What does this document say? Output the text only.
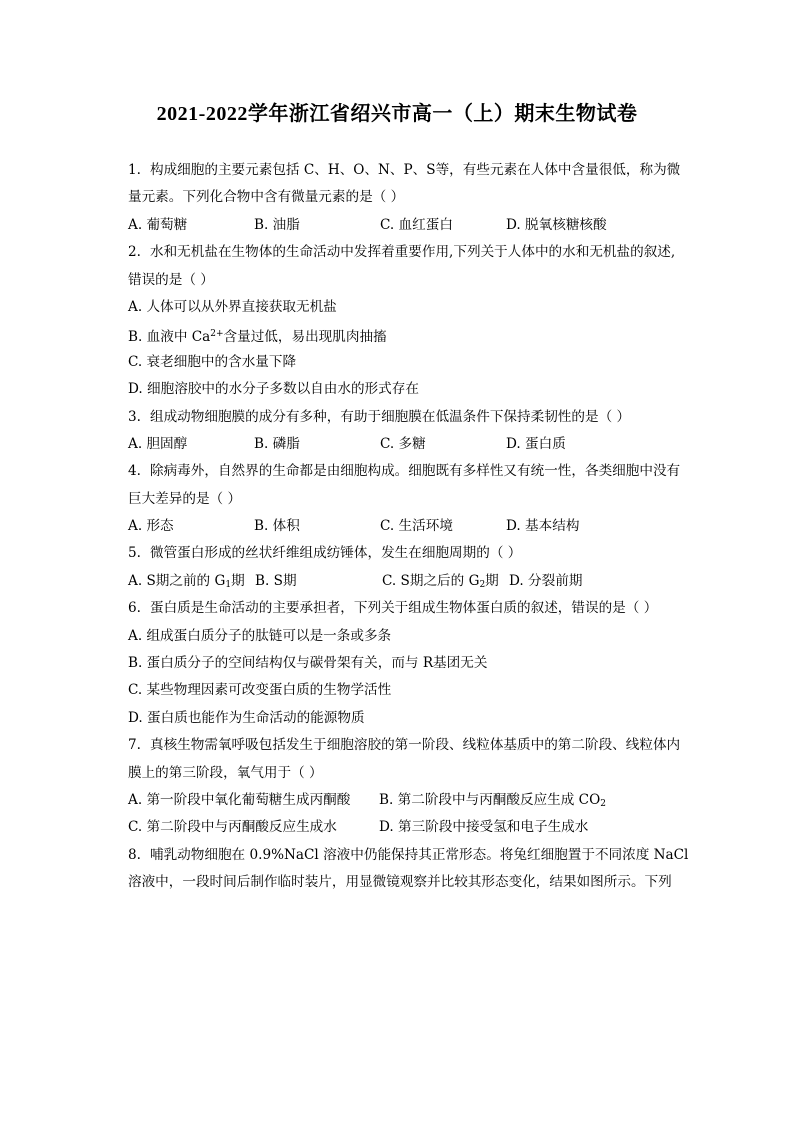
2021-2022学年浙江省绍兴市高一（上）期末生物试卷
1. 构成细胞的主要元素包括 C、H、O、N、P、S等，有些元素在人体中含量很低，称为微
量元素。下列化合物中含有微量元素的是（ ）
A. 葡萄糖	B. 油脂	C. 血红蛋白	D. 脱氧核糖核酸
2. 水和无机盐在生物体的生命活动中发挥着重要作用,下列关于人体中的水和无机盐的叙述,
错误的是（ ）
A. 人体可以从外界直接获取无机盐
B. 血液中 $Ca^{2+}$含量过低，易出现肌肉抽搐
C. 衰老细胞中的含水量下降
D. 细胞溶胶中的水分子多数以自由水的形式存在
3. 组成动物细胞膜的成分有多种，有助于细胞膜在低温条件下保持柔韧性的是（ ）
A. 胆固醇	B. 磷脂	C. 多糖	D. 蛋白质
4. 除病毒外，自然界的生命都是由细胞构成。细胞既有多样性又有统一性，各类细胞中没有
巨大差异的是（ ）
A. 形态	B. 体积	C. 生活环境	D. 基本结构
5. 微管蛋白形成的丝状纤维组成纺锤体，发生在细胞周期的（ ）
A. S期之前的 $G_1$期 B. S期	C. S期之后的 $G_2$期 D. 分裂前期
6. 蛋白质是生命活动的主要承担者，下列关于组成生物体蛋白质的叙述，错误的是（ ）
A. 组成蛋白质分子的肽链可以是一条或多条
B. 蛋白质分子的空间结构仅与碳骨架有关，而与 R基团无关
C. 某些物理因素可改变蛋白质的生物学活性
D. 蛋白质也能作为生命活动的能源物质
7. 真核生物需氧呼吸包括发生于细胞溶胶的第一阶段、线粒体基质中的第二阶段、线粒体内
膜上的第三阶段，氧气用于（ ）
A. 第一阶段中氧化葡萄糖生成丙酮酸	B. 第二阶段中与丙酮酸反应生成 $CO_2$
C. 第二阶段中与丙酮酸反应生成水	D. 第三阶段中接受氢和电子生成水
8. 哺乳动物细胞在 0.9%NaCl 溶液中仍能保持其正常形态。将兔红细胞置于不同浓度 NaCl
溶液中，一段时间后制作临时装片，用显微镜观察并比较其形态变化，结果如图所示。下列
